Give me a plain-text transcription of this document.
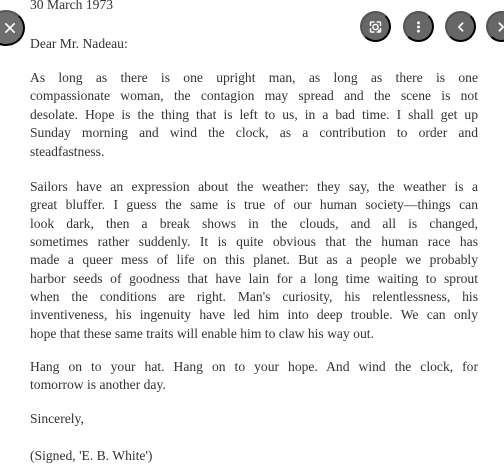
30 March 1973
Dear Mr. Nadeau:
As long as there is one upright man, as long as there is one
compassionate woman, the contagion may spread and the scene is not
desolate. Hope is the thing that is left to us, in a bad time. I shall get up
Sunday morning and wind the clock, as a contribution to order and
steadfastness.
Sailors have an expression about the weather: they say, the weather is a
great bluffer. I guess the same is true of our human society—things can
look dark, then a break shows in the clouds, and all is changed,
sometimes rather suddenly. It is quite obvious that the human race has
made a queer mess of life on this planet. But as a people we probably
harbor seeds of goodness that have lain for a long time waiting to sprout
when the conditions are right. Man's curiosity, his relentlessness, his
inventiveness, his ingenuity have led him into deep trouble. We can only
hope that these same traits will enable him to claw his way out.
Hang on to your hat. Hang on to your hope. And wind the clock, for
tomorrow is another day.
Sincerely,
(Signed, 'E. B. White')
